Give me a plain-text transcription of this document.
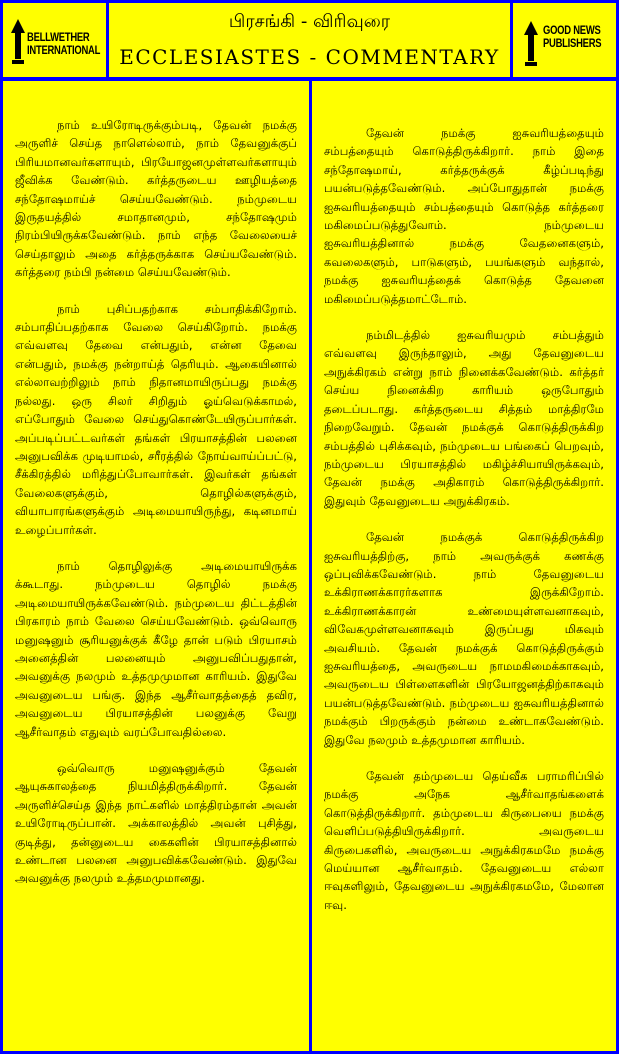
BELLWETHER
INTERNATIONAL
பிரசங்கி - விரிவுரை
ECCLESIASTES - COMMENTARY
GOOD NEWS
PUBLISHERS

நாம் உயிரோடிருக்கும்படி, தேவன் நமக்கு அருளிச் செய்த நாளெல்லாம், நாம் தேவனுக்குப் பிரியமானவர்களாயும், பிரயோஜனமுள்ளவர்களாயும் ஜீவிக்க வேண்டும். கர்த்தருடைய ஊழியத்தை சந்தோஷமாய்ச் செய்யவேண்டும். நம்முடைய இருதயத்தில் சமாதானமும், சந்தோஷமும் நிரம்பியிருக்கவேண்டும். நாம் எந்த வேலையைச் செய்தாலும் அதை கர்த்தருக்காக செய்யவேண்டும். கர்த்தரை நம்பி நன்மை செய்யவேண்டும்.

நாம் புசிப்பதற்காக சம்பாதிக்கிறோம். சம்பாதிப்பதற்காக வேலை செய்கிறோம். நமக்கு எவ்வளவு தேவை என்பதும், என்ன தேவை என்பதும், நமக்கு நன்றாய்த் தெரியும். ஆகையினால் எல்லாவற்றிலும் நாம் நிதானமாயிருப்பது நமக்கு நல்லது. ஒரு சிலர் சிறிதும் ஓய்வெடுக்காமல், எப்போதும் வேலை செய்துகொண்டேயிருப்பார்கள். அப்படிப்பட்டவர்கள் தங்கள் பிரயாசத்தின் பலனை அனுபவிக்க முடியாமல், சரீரத்தில் நோய்வாய்ப்பட்டு, சீக்கிரத்தில் மரித்துப்போவார்கள். இவர்கள் தங்கள் வேலைகளுக்கும், தொழில்களுக்கும், வியாபாரங்களுக்கும் அடிமையாயிருந்து, கடினமாய் உழைப்பார்கள்.

நாம் தொழிலுக்கு அடிமையாயிருக்க க்கூடாது. நம்முடைய தொழில் நமக்கு அடிமையாயிருக்கவேண்டும். நம்முடைய திட்டத்தின் பிரகாரம் நாம் வேலை செய்யவேண்டும். ஒவ்வொரு மனுஷனும் சூரியனுக்குக் கீழே தான் படும் பிரயாசம் அனைத்தின் பலனையும் அனுபவிப்பதுதான், அவனுக்கு நலமும் உத்தமுமுமான காரியம். இதுவே அவனுடைய பங்கு. இந்த ஆசீர்வாதத்தைத் தவிர, அவனுடைய பிரயாசத்தின் பலனுக்கு வேறு ஆசீர்வாதம் எதுவும் வரப்போவதில்லை.

ஒவ்வொரு மனுஷனுக்கும் தேவன் ஆயுசுகாலத்தை நியமித்திருக்கிறார். தேவன் அருளிச்செய்த இந்த நாட்களில் மாத்திரம்தான் அவன் உயிரோடிருப்பான். அக்காலத்தில் அவன் புசித்து, குடித்து, தன்னுடைய கைகளின் பிரயாசத்தினால் உண்டான பலனை அனுபவிக்கவேண்டும். இதுவே அவனுக்கு நலமும் உத்தமமுமானது.

தேவன் நமக்கு ஐசுவரியத்தையும் சம்பத்தையும் கொடுத்திருக்கிறார். நாம் இதை சந்தோஷமாய், கர்த்தருக்குக் கீழ்ப்படிந்து பயன்படுத்தவேண்டும். அப்போதுதான் நமக்கு ஐசுவரியத்தையும் சம்பத்தையும் கொடுத்த கர்த்தரை மகிமைப்படுத்துவோம். நம்முடைய ஐசுவரியத்தினால் நமக்கு வேதனைகளும், கவலைகளும், பாடுகளும், பயங்களும் வந்தால், நமக்கு ஐசுவரியத்தைக் கொடுத்த தேவனை மகிமைப்படுத்தமாட்டோம்.

நம்மிடத்தில் ஐசுவரியமும் சம்பத்தும் எவ்வளவு இருந்தாலும், அது தேவனுடைய அநுக்கிரகம் என்று நாம் நினைக்கவேண்டும். கர்த்தர் செய்ய நினைக்கிற காரியம் ஒருபோதும் தடைப்படாது. கர்த்தருடைய சித்தம் மாத்திரமே நிறைவேறும். தேவன் நமக்குக் கொடுத்திருக்கிற சம்பத்தில் புசிக்கவும், நம்முடைய பங்கைப் பெறவும், நம்முடைய பிரயாசத்தில் மகிழ்ச்சியாயிருக்கவும், தேவன் நமக்கு அதிகாரம் கொடுத்திருக்கிறார். இதுவும் தேவனுடைய அநுக்கிரகம்.

தேவன் நமக்குக் கொடுத்திருக்கிற ஐசுவரியத்திற்கு, நாம் அவருக்குக் கணக்கு ஒப்புவிக்கவேண்டும். நாம் தேவனுடைய உக்கிராணக்காரர்களாக இருக்கிறோம். உக்கிராணக்காரன் உண்மையுள்ளவனாகவும், விவேகமுள்ளவனாகவும் இருப்பது மிகவும் அவசியம். தேவன் நமக்குக் கொடுத்திருக்கும் ஐசுவரியத்தை, அவருடைய நாமமகிமைக்காகவும், அவருடைய பிள்ளைகளின் பிரயோஜனத்திற்காகவும் பயன்படுத்தவேண்டும். நம்முடைய ஐசுவரியத்தினால் நமக்கும் பிறருக்கும் நன்மை உண்டாகவேண்டும். இதுவே நலமும் உத்தமுமான காரியம்.

தேவன் தம்முடைய தெய்வீக பராமரிப்பில் நமக்கு அநேக ஆசீர்வாதங்களைக் கொடுத்திருக்கிறார். தம்முடைய கிருபையை நமக்கு வெளிப்படுத்தியிருக்கிறார். அவருடைய கிருபைகளில், அவருடைய அநுக்கிரகமமே நமக்கு மெய்யான ஆசீர்வாதம். தேவனுடைய எல்லா ஈவுகளிலும், தேவனுடைய அநுக்கிரகமமே, மேலான ஈவு.
